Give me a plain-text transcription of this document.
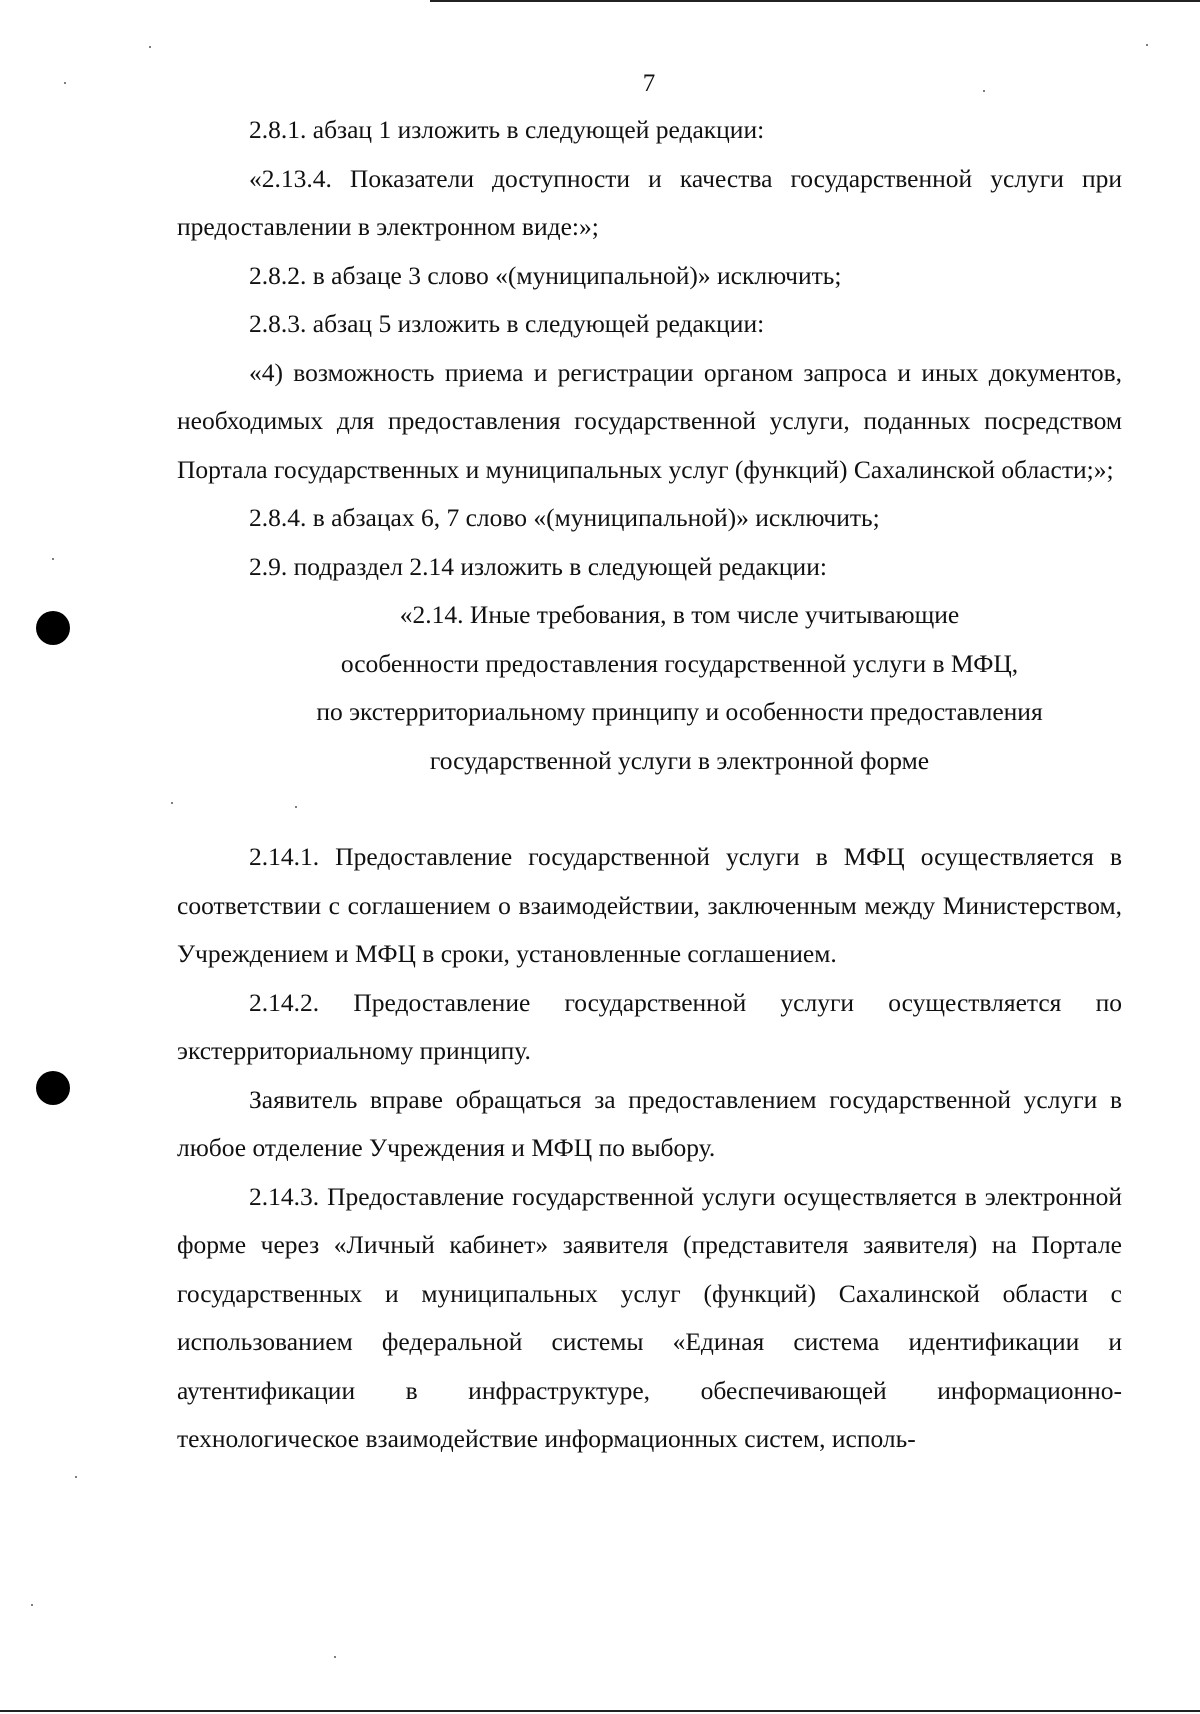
7

2.8.1. абзац 1 изложить в следующей редакции:

«2.13.4. Показатели доступности и качества государственной услуги при предоставлении в электронном виде:»;

2.8.2. в абзаце 3 слово «(муниципальной)» исключить;

2.8.3. абзац 5 изложить в следующей редакции:

«4) возможность приема и регистрации органом запроса и иных документов, необходимых для предоставления государственной услуги, поданных посредством Портала государственных и муниципальных услуг (функций) Сахалинской области;»;

2.8.4. в абзацах 6, 7 слово «(муниципальной)» исключить;

2.9. подраздел 2.14 изложить в следующей редакции:

«2.14. Иные требования, в том числе учитывающие
особенности предоставления государственной услуги в МФЦ,
по экстерриториальному принципу и особенности предоставления
государственной услуги в электронной форме

2.14.1. Предоставление государственной услуги в МФЦ осуществляется в соответствии с соглашением о взаимодействии, заключенным между Министерством, Учреждением и МФЦ в сроки, установленные соглашением.

2.14.2. Предоставление государственной услуги осуществляется по экстерриториальному принципу.

Заявитель вправе обращаться за предоставлением государственной услуги в любое отделение Учреждения и МФЦ по выбору.

2.14.3. Предоставление государственной услуги осуществляется в электронной форме через «Личный кабинет» заявителя (представителя заявителя) на Портале государственных и муниципальных услуг (функций) Сахалинской области с использованием федеральной системы «Единая система идентификации и аутентификации в инфраструктуре, обеспечивающей информационно-технологическое взаимодействие информационных систем, исполь-
